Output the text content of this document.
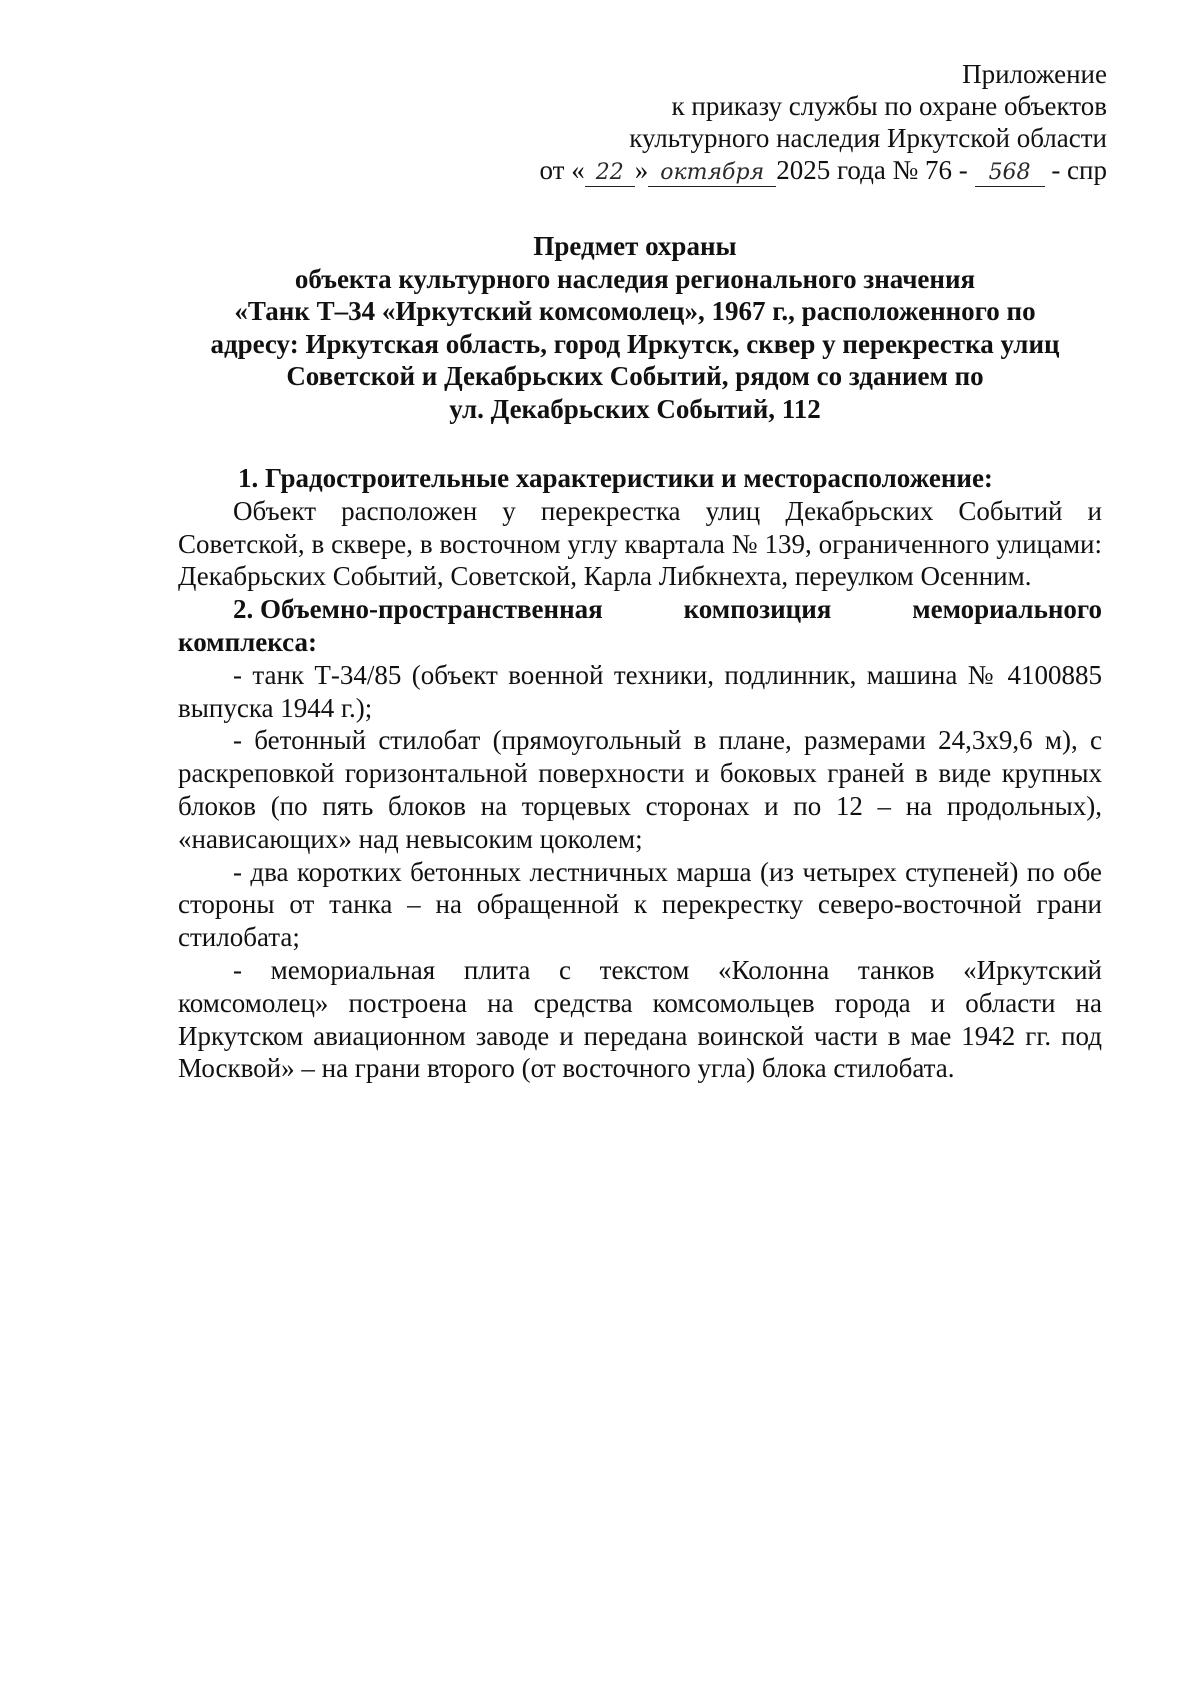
Приложение
к приказу службы по охране объектов
культурного наследия Иркутской области
от « 22 » октября 2025 года № 76 - 568 - спр
Предмет охраны
объекта культурного наследия регионального значения
«Танк Т–34 «Иркутский комсомолец», 1967 г., расположенного по
адресу: Иркутская область, город Иркутск, сквер у перекрестка улиц
Советской и Декабрьских Событий, рядом со зданием по
ул. Декабрьских Событий, 112

1. Градостроительные характеристики и месторасположение:

Объект расположен у перекрестка улиц Декабрьских Событий и Советской, в сквере, в восточном углу квартала № 139, ограниченного улицами: Декабрьских Событий, Советской, Карла Либкнехта, переулком Осенним.

2. Объемно-пространственная	композиция	мемориального

комплекса:

- танк Т-34/85 (объект военной техники, подлинник, машина № 4100885 выпуска 1944 г.);

- бетонный стилобат (прямоугольный в плане, размерами 24,3х9,6 м), с раскреповкой горизонтальной поверхности и боковых граней в виде крупных блоков (по пять блоков на торцевых сторонах и по 12 – на продольных), «нависающих» над невысоким цоколем;

- два коротких бетонных лестничных марша (из четырех ступеней) по обе стороны от танка – на обращенной к перекрестку северо-восточной грани стилобата;

- мемориальная плита с текстом «Колонна танков «Иркутский комсомолец» построена на средства комсомольцев города и области на Иркутском авиационном заводе и передана воинской части в мае 1942 гг. под Москвой» – на грани второго (от восточного угла) блока стилобата.
